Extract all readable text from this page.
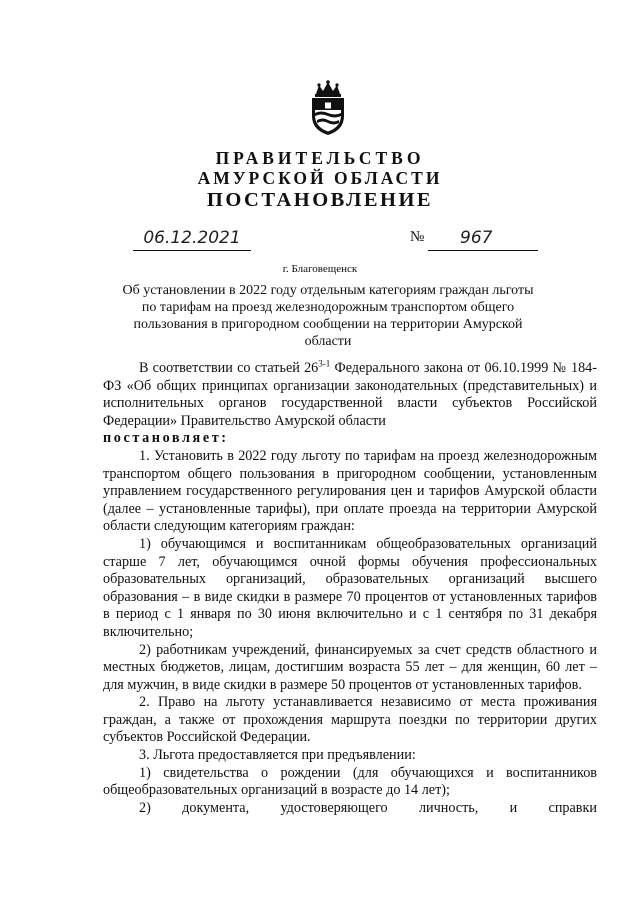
ПРАВИТЕЛЬСТВО

АМУРСКОЙ ОБЛАСТИ

ПОСТАНОВЛЕНИЕ

06.12.2021	№ 967
г. Благовещенск
Об установлении в 2022 году отдельным категориям граждан льготы по тарифам на проезд железнодорожным транспортом общего пользования в пригородном сообщении на территории Амурской области

В соответствии со статьей 26$^{3-1}$ Федерального закона от 06.10.1999 № 184-ФЗ «Об общих принципах организации законодательных (представительных) и исполнительных органов государственной власти субъектов Российской Федерации» Правительство Амурской области

постановляет:

1. Установить в 2022 году льготу по тарифам на проезд железнодорожным транспортом общего пользования в пригородном сообщении, установленным управлением государственного регулирования цен и тарифов Амурской области (далее – установленные тарифы), при оплате проезда на территории Амурской области следующим категориям граждан:

1) обучающимся и воспитанникам общеобразовательных организаций старше 7 лет, обучающимся очной формы обучения профессиональных образовательных организаций, образовательных организаций высшего образования – в виде скидки в размере 70 процентов от установленных тарифов в период с 1 января по 30 июня включительно и с 1 сентября по 31 декабря включительно;

2) работникам учреждений, финансируемых за счет средств областного и местных бюджетов, лицам, достигшим возраста 55 лет – для женщин, 60 лет – для мужчин, в виде скидки в размере 50 процентов от установленных тарифов.

2. Право на льготу устанавливается независимо от места проживания граждан, а также от прохождения маршрута поездки по территории других субъектов Российской Федерации.

3. Льгота предоставляется при предъявлении:

1) свидетельства о рождении (для обучающихся и воспитанников общеобразовательных организаций в возрасте до 14 лет);

2) документа, удостоверяющего личность, и справки
